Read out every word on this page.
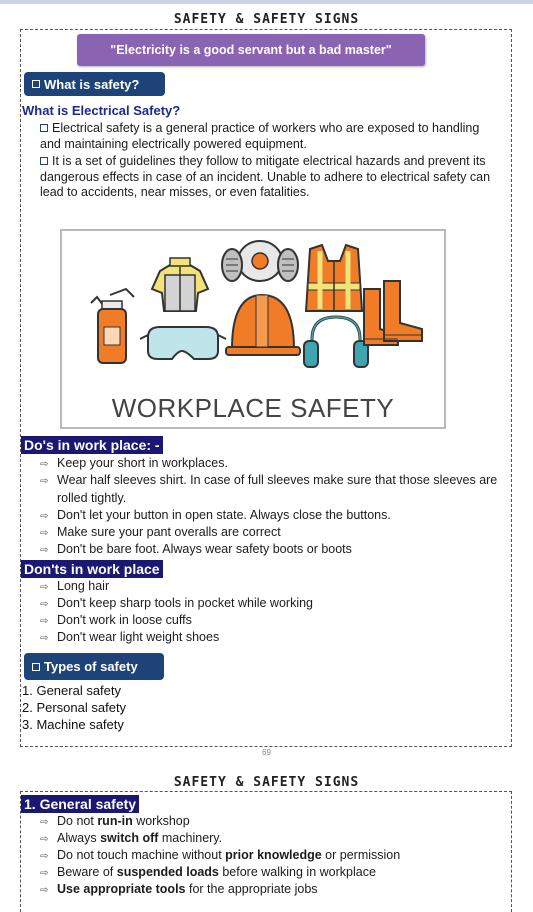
SAFETY & SAFETY SIGNS
"Electricity is a good servant but a bad master"
What is safety?
What is Electrical Safety?
Electrical safety is a general practice of workers who are exposed to handling and maintaining electrically powered equipment.
It is a set of guidelines they follow to mitigate electrical hazards and prevent its dangerous effects in case of an incident. Unable to adhere to electrical safety can lead to accidents, near misses, or even fatalities.
WORKPLACE SAFETY
Do's in work place: -
⇨ Keep your short in workplaces.
⇨ Wear half sleeves shirt. In case of full sleeves make sure that those sleeves are rolled tightly.
⇨ Don't let your button in open state. Always close the buttons.
⇨ Make sure your pant overalls are correct
⇨ Don't be bare foot. Always wear safety boots or boots
Don'ts in work place
⇨ Long hair
⇨ Don't keep sharp tools in pocket while working
⇨ Don't work in loose cuffs
⇨ Don't wear light weight shoes
Types of safety
1. General safety
2. Personal safety
3. Machine safety
69
SAFETY & SAFETY SIGNS
1. General safety
⇨ Do not run-in workshop
⇨ Always switch off machinery.
⇨ Do not touch machine without prior knowledge or permission
⇨ Beware of suspended loads before walking in workplace
⇨ Use appropriate tools for the appropriate jobs
